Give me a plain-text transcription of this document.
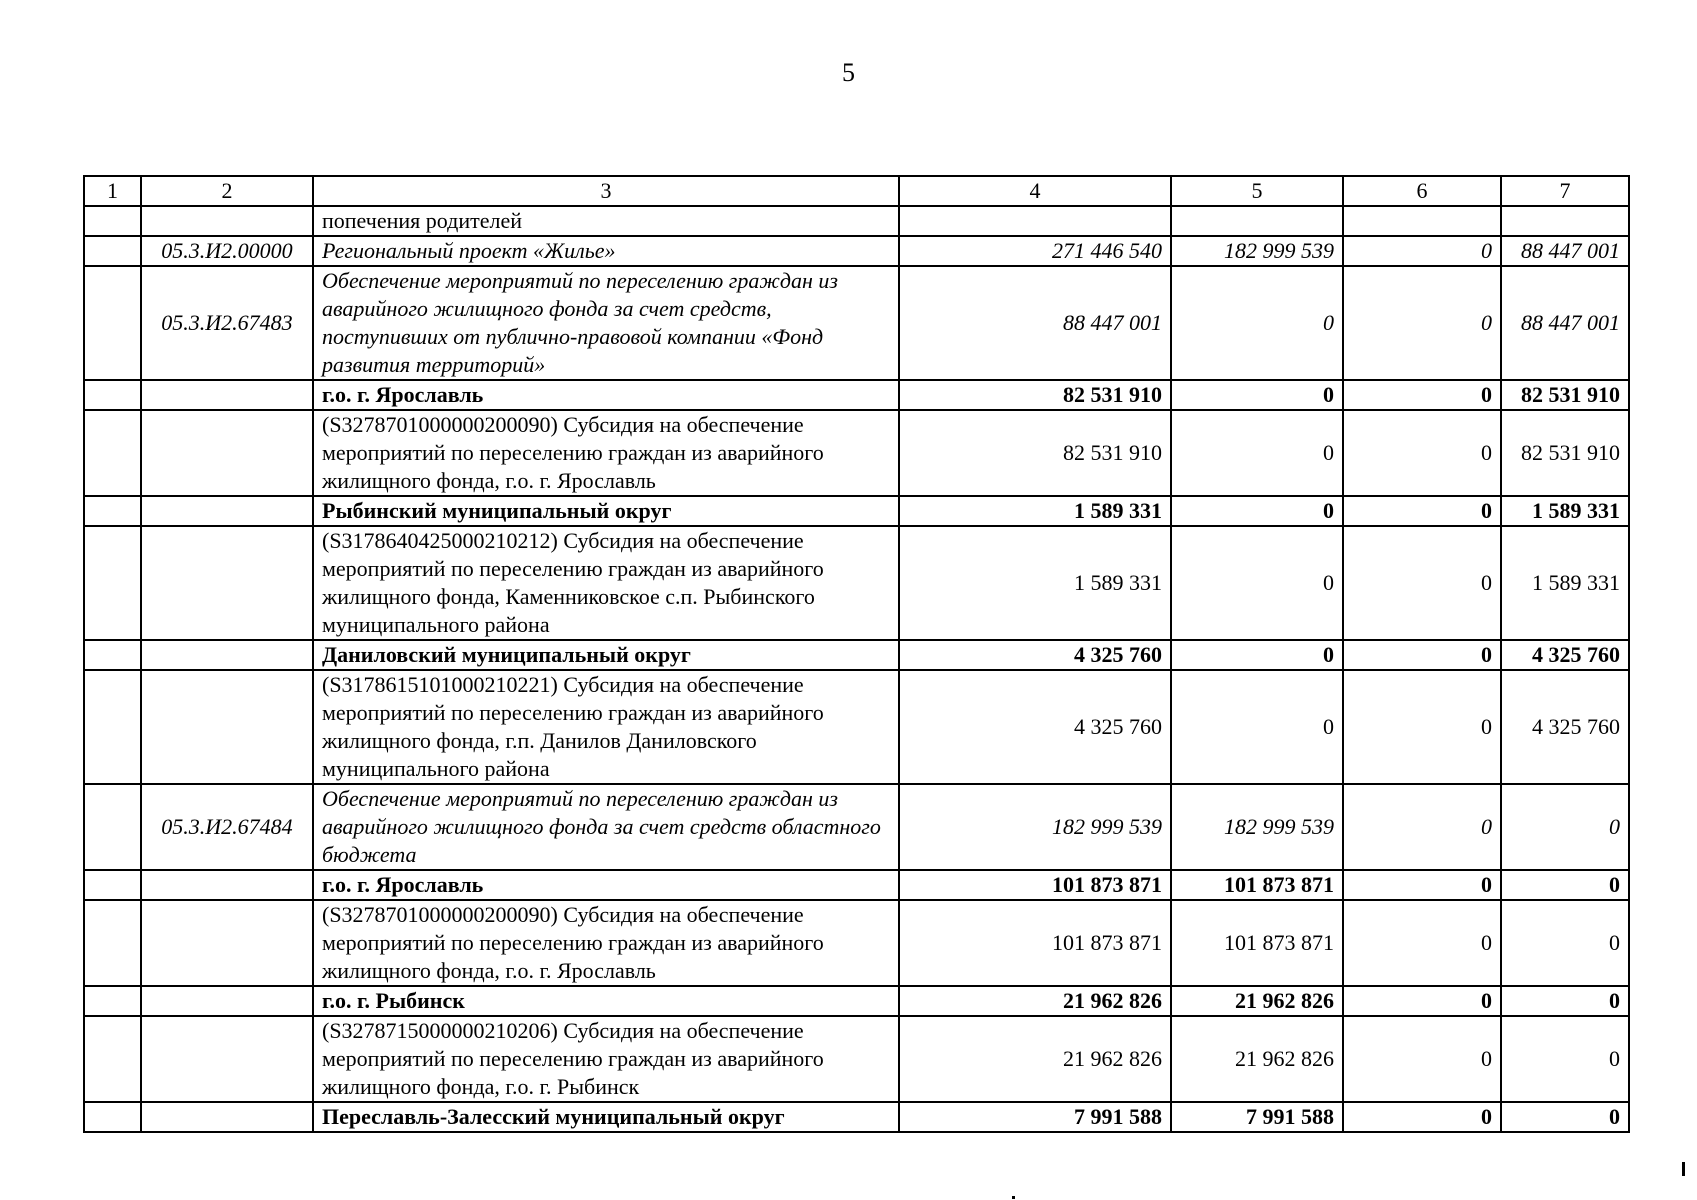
5
1	2	3	4	5	6	7
		попечения родителей				
	05.3.И2.00000	Региональный проект «Жилье»	271 446 540	182 999 539	0	88 447 001
	05.3.И2.67483	Обеспечение мероприятий по переселению граждан из аварийного жилищного фонда за счет средств, поступивших от публично-правовой компании «Фонд развития территорий»	88 447 001	0	0	88 447 001
		г.о. г. Ярославль	82 531 910	0	0	82 531 910
		(S3278701000000200090) Субсидия на обеспечение мероприятий по переселению граждан из аварийного жилищного фонда, г.о. г. Ярославль	82 531 910	0	0	82 531 910
		Рыбинский муниципальный округ	1 589 331	0	0	1 589 331
		(S3178640425000210212) Субсидия на обеспечение мероприятий по переселению граждан из аварийного жилищного фонда, Каменниковское с.п. Рыбинского муниципального района	1 589 331	0	0	1 589 331
		Даниловский муниципальный округ	4 325 760	0	0	4 325 760
		(S3178615101000210221) Субсидия на обеспечение мероприятий по переселению граждан из аварийного жилищного фонда, г.п. Данилов Даниловского муниципального района	4 325 760	0	0	4 325 760
	05.3.И2.67484	Обеспечение мероприятий по переселению граждан из аварийного жилищного фонда за счет средств областного бюджета	182 999 539	182 999 539	0	0
		г.о. г. Ярославль	101 873 871	101 873 871	0	0
		(S3278701000000200090) Субсидия на обеспечение мероприятий по переселению граждан из аварийного жилищного фонда, г.о. г. Ярославль	101 873 871	101 873 871	0	0
		г.о. г. Рыбинск	21 962 826	21 962 826	0	0
		(S3278715000000210206) Субсидия на обеспечение мероприятий по переселению граждан из аварийного жилищного фонда, г.о. г. Рыбинск	21 962 826	21 962 826	0	0
		Переславль-Залесский муниципальный округ	7 991 588	7 991 588	0	0
